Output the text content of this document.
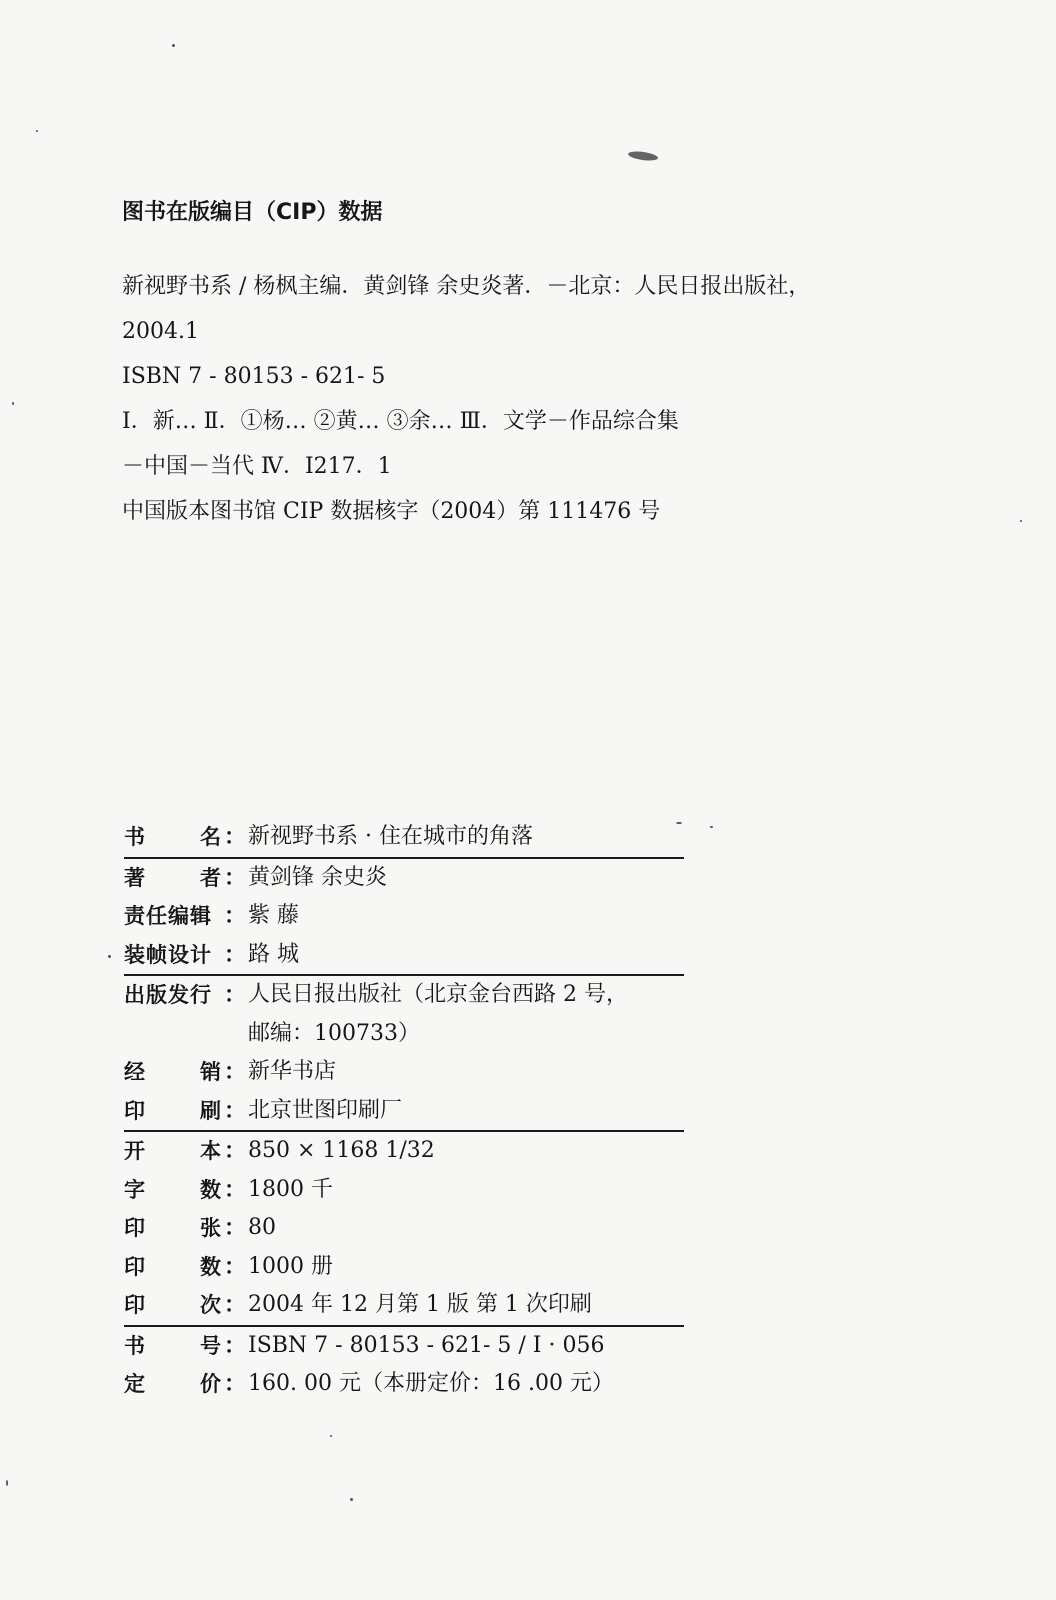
图书在版编目（CIP）数据
新视野书系 / 杨枫主编．黄剑锋 余史炎著．－北京：人民日报出版社，
2004.1
ISBN 7 - 80153 - 621- 5
Ⅰ．新… Ⅱ．①杨… ②黄… ③余… Ⅲ．文学－作品综合集
－中国－当代 Ⅳ．I217．1
中国版本图书馆 CIP 数据核字（2004）第 111476 号
书	名 ： 新视野书系 · 住在城市的角落
著	者 ： 黄剑锋 余史炎
责任编辑 ： 紫 藤
装帧设计 ： 路 城
出版发行 ： 人民日报出版社（北京金台西路 2 号，
邮编：100733）
经	销 ： 新华书店
印	刷 ： 北京世图印刷厂
开	本 ： 850 × 1168 1/32
字	数 ： 1800 千
印	张 ： 80
印	数 ： 1000 册
印	次 ： 2004 年 12 月第 1 版 第 1 次印刷
书	号 ： ISBN 7 - 80153 - 621- 5 / I · 056
定	价 ： 160. 00 元（本册定价：16 .00 元）
